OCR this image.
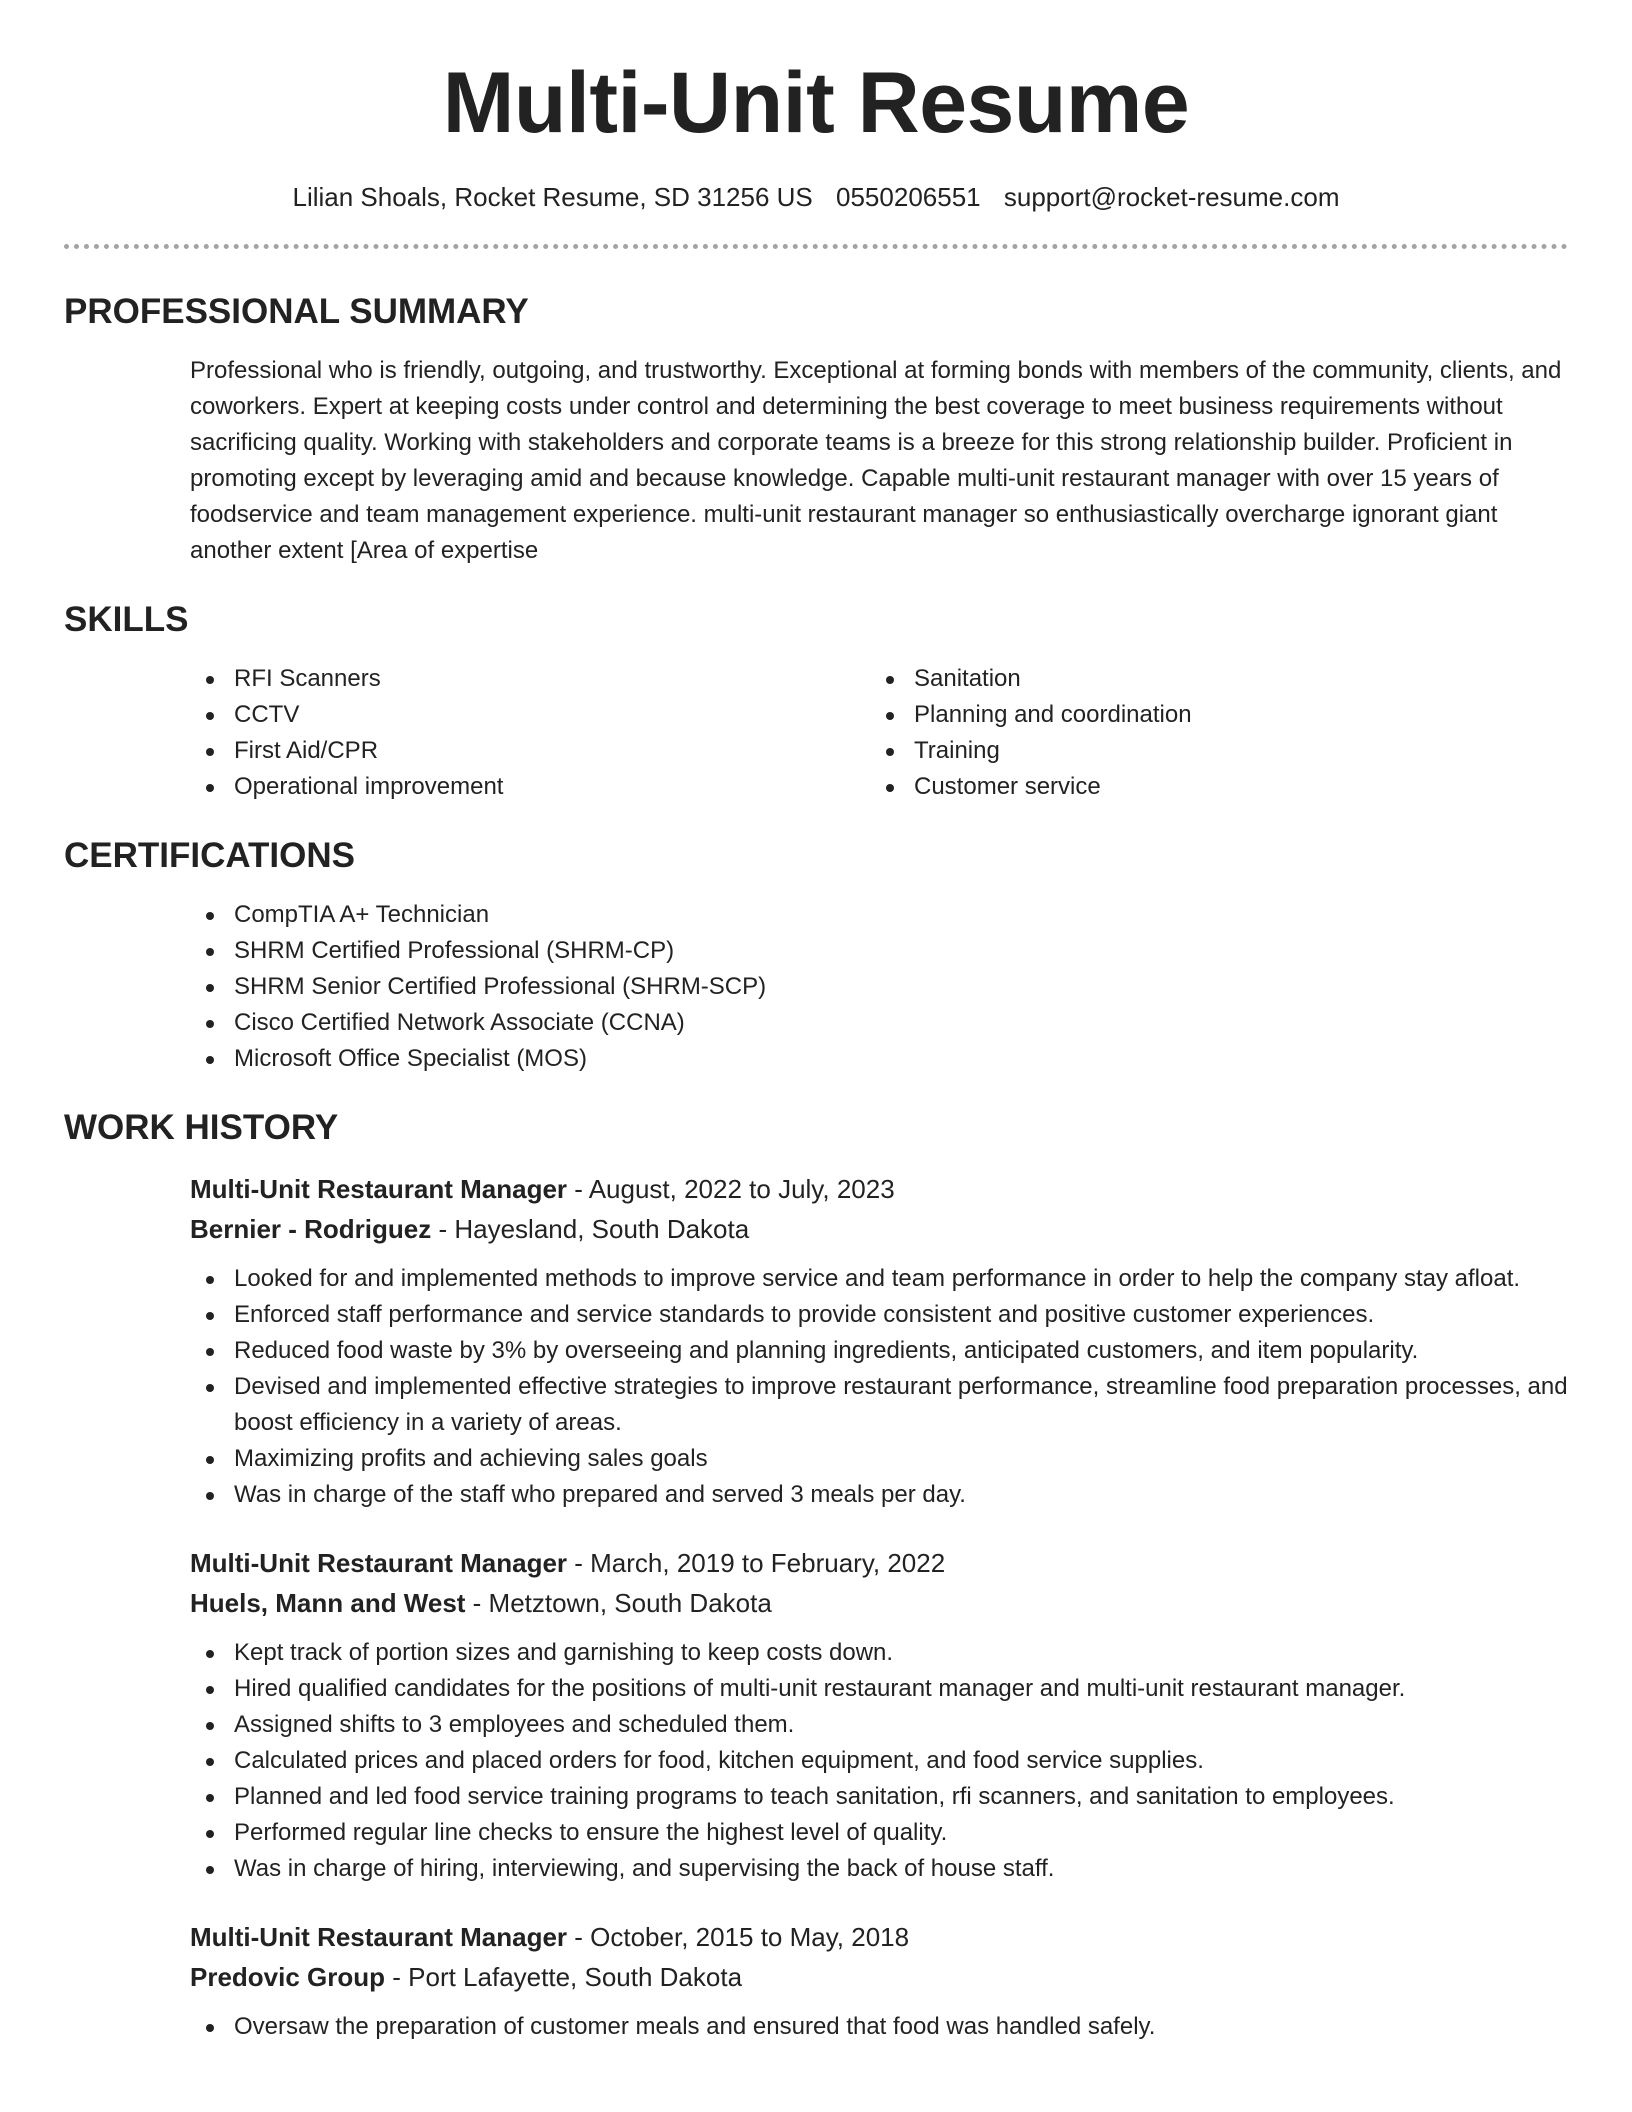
Multi-Unit Resume
Lilian Shoals, Rocket Resume, SD 31256 US 0550206551 support@rocket-resume.com
PROFESSIONAL SUMMARY

Professional who is friendly, outgoing, and trustworthy. Exceptional at forming bonds with members of the community, clients, and coworkers. Expert at keeping costs under control and determining the best coverage to meet business requirements without sacrificing quality. Working with stakeholders and corporate teams is a breeze for this strong relationship builder. Proficient in promoting except by leveraging amid and because knowledge. Capable multi-unit restaurant manager with over 15 years of foodservice and team management experience. multi-unit restaurant manager so enthusiastically overcharge ignorant giant another extent [Area of expertise

SKILLS
RFI Scanners
CCTV
First Aid/CPR
Operational improvement
Sanitation
Planning and coordination
Training
Customer service
CERTIFICATIONS
CompTIA A+ Technician
SHRM Certified Professional (SHRM-CP)
SHRM Senior Certified Professional (SHRM-SCP)
Cisco Certified Network Associate (CCNA)
Microsoft Office Specialist (MOS)
WORK HISTORY
Multi-Unit Restaurant Manager - August, 2022 to July, 2023
Bernier - Rodriguez - Hayesland, South Dakota
Looked for and implemented methods to improve service and team performance in order to help the company stay afloat.
Enforced staff performance and service standards to provide consistent and positive customer experiences.
Reduced food waste by 3% by overseeing and planning ingredients, anticipated customers, and item popularity.
Devised and implemented effective strategies to improve restaurant performance, streamline food preparation processes, and boost efficiency in a variety of areas.
Maximizing profits and achieving sales goals
Was in charge of the staff who prepared and served 3 meals per day.
Multi-Unit Restaurant Manager - March, 2019 to February, 2022
Huels, Mann and West - Metztown, South Dakota
Kept track of portion sizes and garnishing to keep costs down.
Hired qualified candidates for the positions of multi-unit restaurant manager and multi-unit restaurant manager.
Assigned shifts to 3 employees and scheduled them.
Calculated prices and placed orders for food, kitchen equipment, and food service supplies.
Planned and led food service training programs to teach sanitation, rfi scanners, and sanitation to employees.
Performed regular line checks to ensure the highest level of quality.
Was in charge of hiring, interviewing, and supervising the back of house staff.
Multi-Unit Restaurant Manager - October, 2015 to May, 2018
Predovic Group - Port Lafayette, South Dakota
Oversaw the preparation of customer meals and ensured that food was handled safely.
